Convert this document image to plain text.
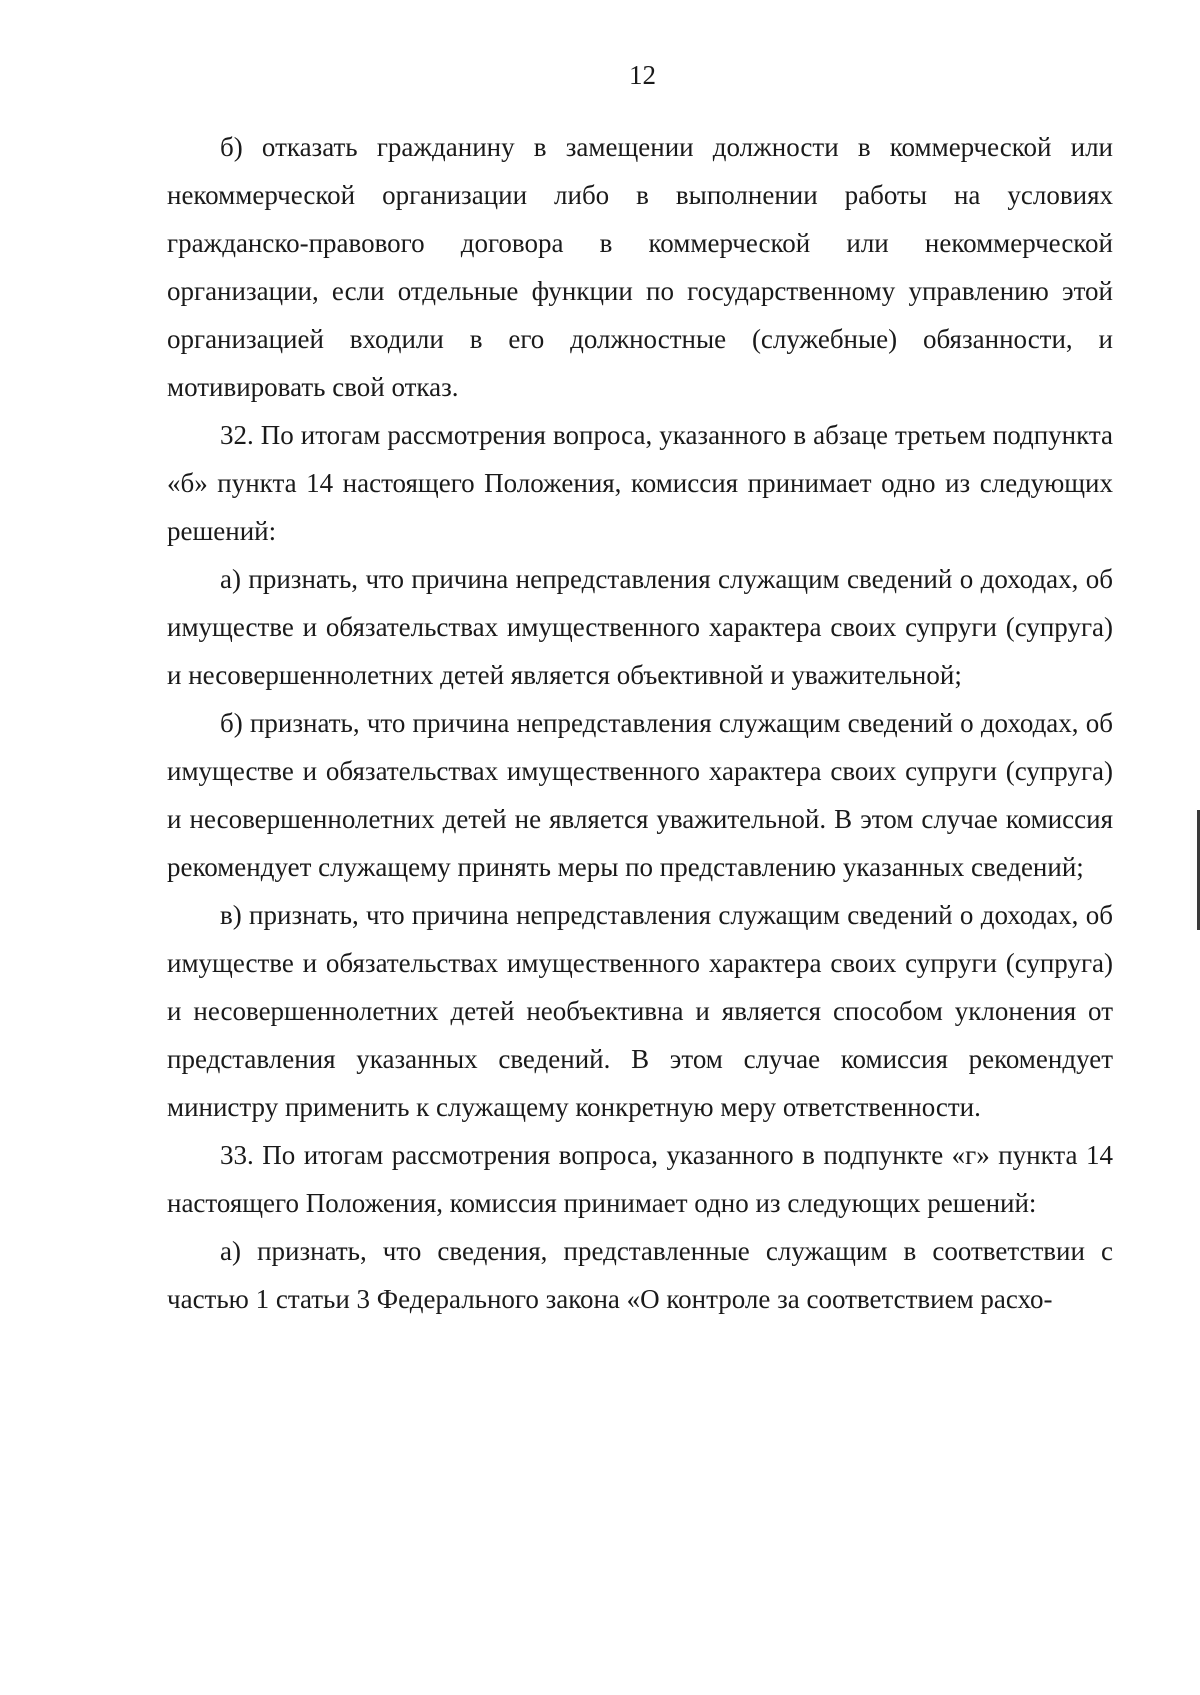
12

б) отказать гражданину в замещении должности в коммерческой или некоммерческой организации либо в выполнении работы на условиях гражданско-правового договора в коммерческой или некоммерческой организации, если отдельные функции по государственному управлению этой организацией входили в его должностные (служебные) обязанности, и мотивировать свой отказ.

32. По итогам рассмотрения вопроса, указанного в абзаце третьем подпункта «б» пункта 14 настоящего Положения, комиссия принимает одно из следующих решений:

а) признать, что причина непредставления служащим сведений о доходах, об имуществе и обязательствах имущественного характера своих супруги (супруга) и несовершеннолетних детей является объективной и уважительной;

б) признать, что причина непредставления служащим сведений о доходах, об имуществе и обязательствах имущественного характера своих супруги (супруга) и несовершеннолетних детей не является уважительной. В этом случае комиссия рекомендует служащему принять меры по представлению указанных сведений;

в) признать, что причина непредставления служащим сведений о доходах, об имуществе и обязательствах имущественного характера своих супруги (супруга) и несовершеннолетних детей необъективна и является способом уклонения от представления указанных сведений. В этом случае комиссия рекомендует министру применить к служащему конкретную меру ответственности.

33. По итогам рассмотрения вопроса, указанного в подпункте «г» пункта 14 настоящего Положения, комиссия принимает одно из следующих решений:

а) признать, что сведения, представленные служащим в соответствии с частью 1 статьи 3 Федерального закона «О контроле за соответствием расхо-
